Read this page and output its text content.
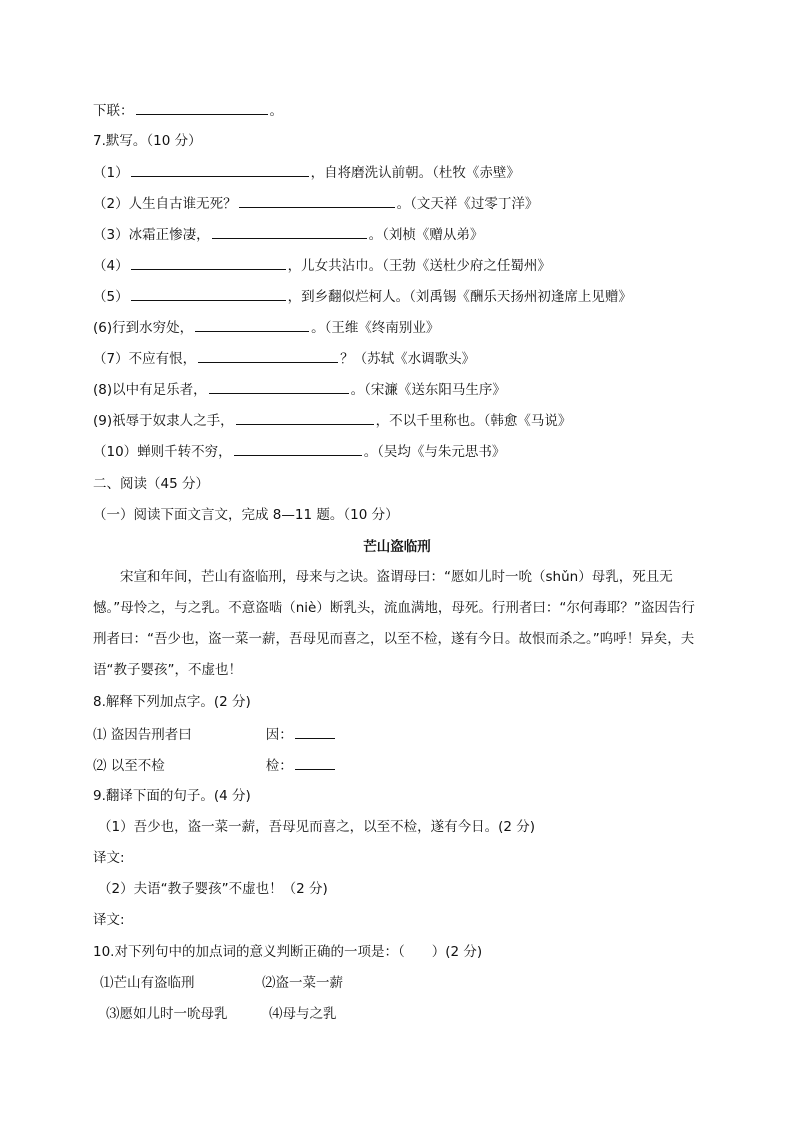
下联：	。
7.默写。（10 分）
（1）	，自将磨洗认前朝。（杜牧《赤壁》
（2）人生自古谁无死？	。（文天祥《过零丁洋》
（3）冰霜正惨凄，	。（刘桢《赠从弟》
（4）	，儿女共沾巾。（王勃《送杜少府之任蜀州》
（5）	，到乡翻似烂柯人。（刘禹锡《酬乐天扬州初逢席上见赠》
(6)行到水穷处，	。（王维《终南别业》
（7）不应有恨，	？（苏轼《水调歌头》
(8)以中有足乐者，	。（宋濂《送东阳马生序》
(9)祇辱于奴隶人之手，	，不以千里称也。（韩愈《马说》
（10）蝉则千转不穷，	。（吴均《与朱元思书》
二、阅读（45 分）
（一）阅读下面文言文，完成 8—11 题。（10 分）
芒山盗临刑
宋宣和年间，芒山有盗临刑，母来与之诀。盗谓母曰：“愿如儿时一吮（shǔn）母乳，死且无憾。”母怜之，与之乳。不意盗啮（niè）断乳头，流血满地，母死。行刑者曰：“尔何毒耶？”盗因告行刑者曰：“吾少也，盗一菜一薪，吾母见而喜之，以至不检，遂有今日。故恨而杀之。”呜呼！异矣，夫语“教子婴孩”，不虚也！
8.解释下列加点字。(2 分)
⑴ 盗因告刑者曰	因：
⑵ 以至不检	检：
9.翻译下面的句子。(4 分)
（1）吾少也，盗一菜一薪，吾母见而喜之，以至不检，遂有今日。(2 分)
译文:
（2）夫语“教子婴孩”不虚也！（2 分)
译文:
10.对下列句中的加点词的意义判断正确的一项是：（　　）(2 分)
⑴芒山有盗临刑	⑵盗一菜一薪
⑶愿如儿时一吮母乳	⑷母与之乳
